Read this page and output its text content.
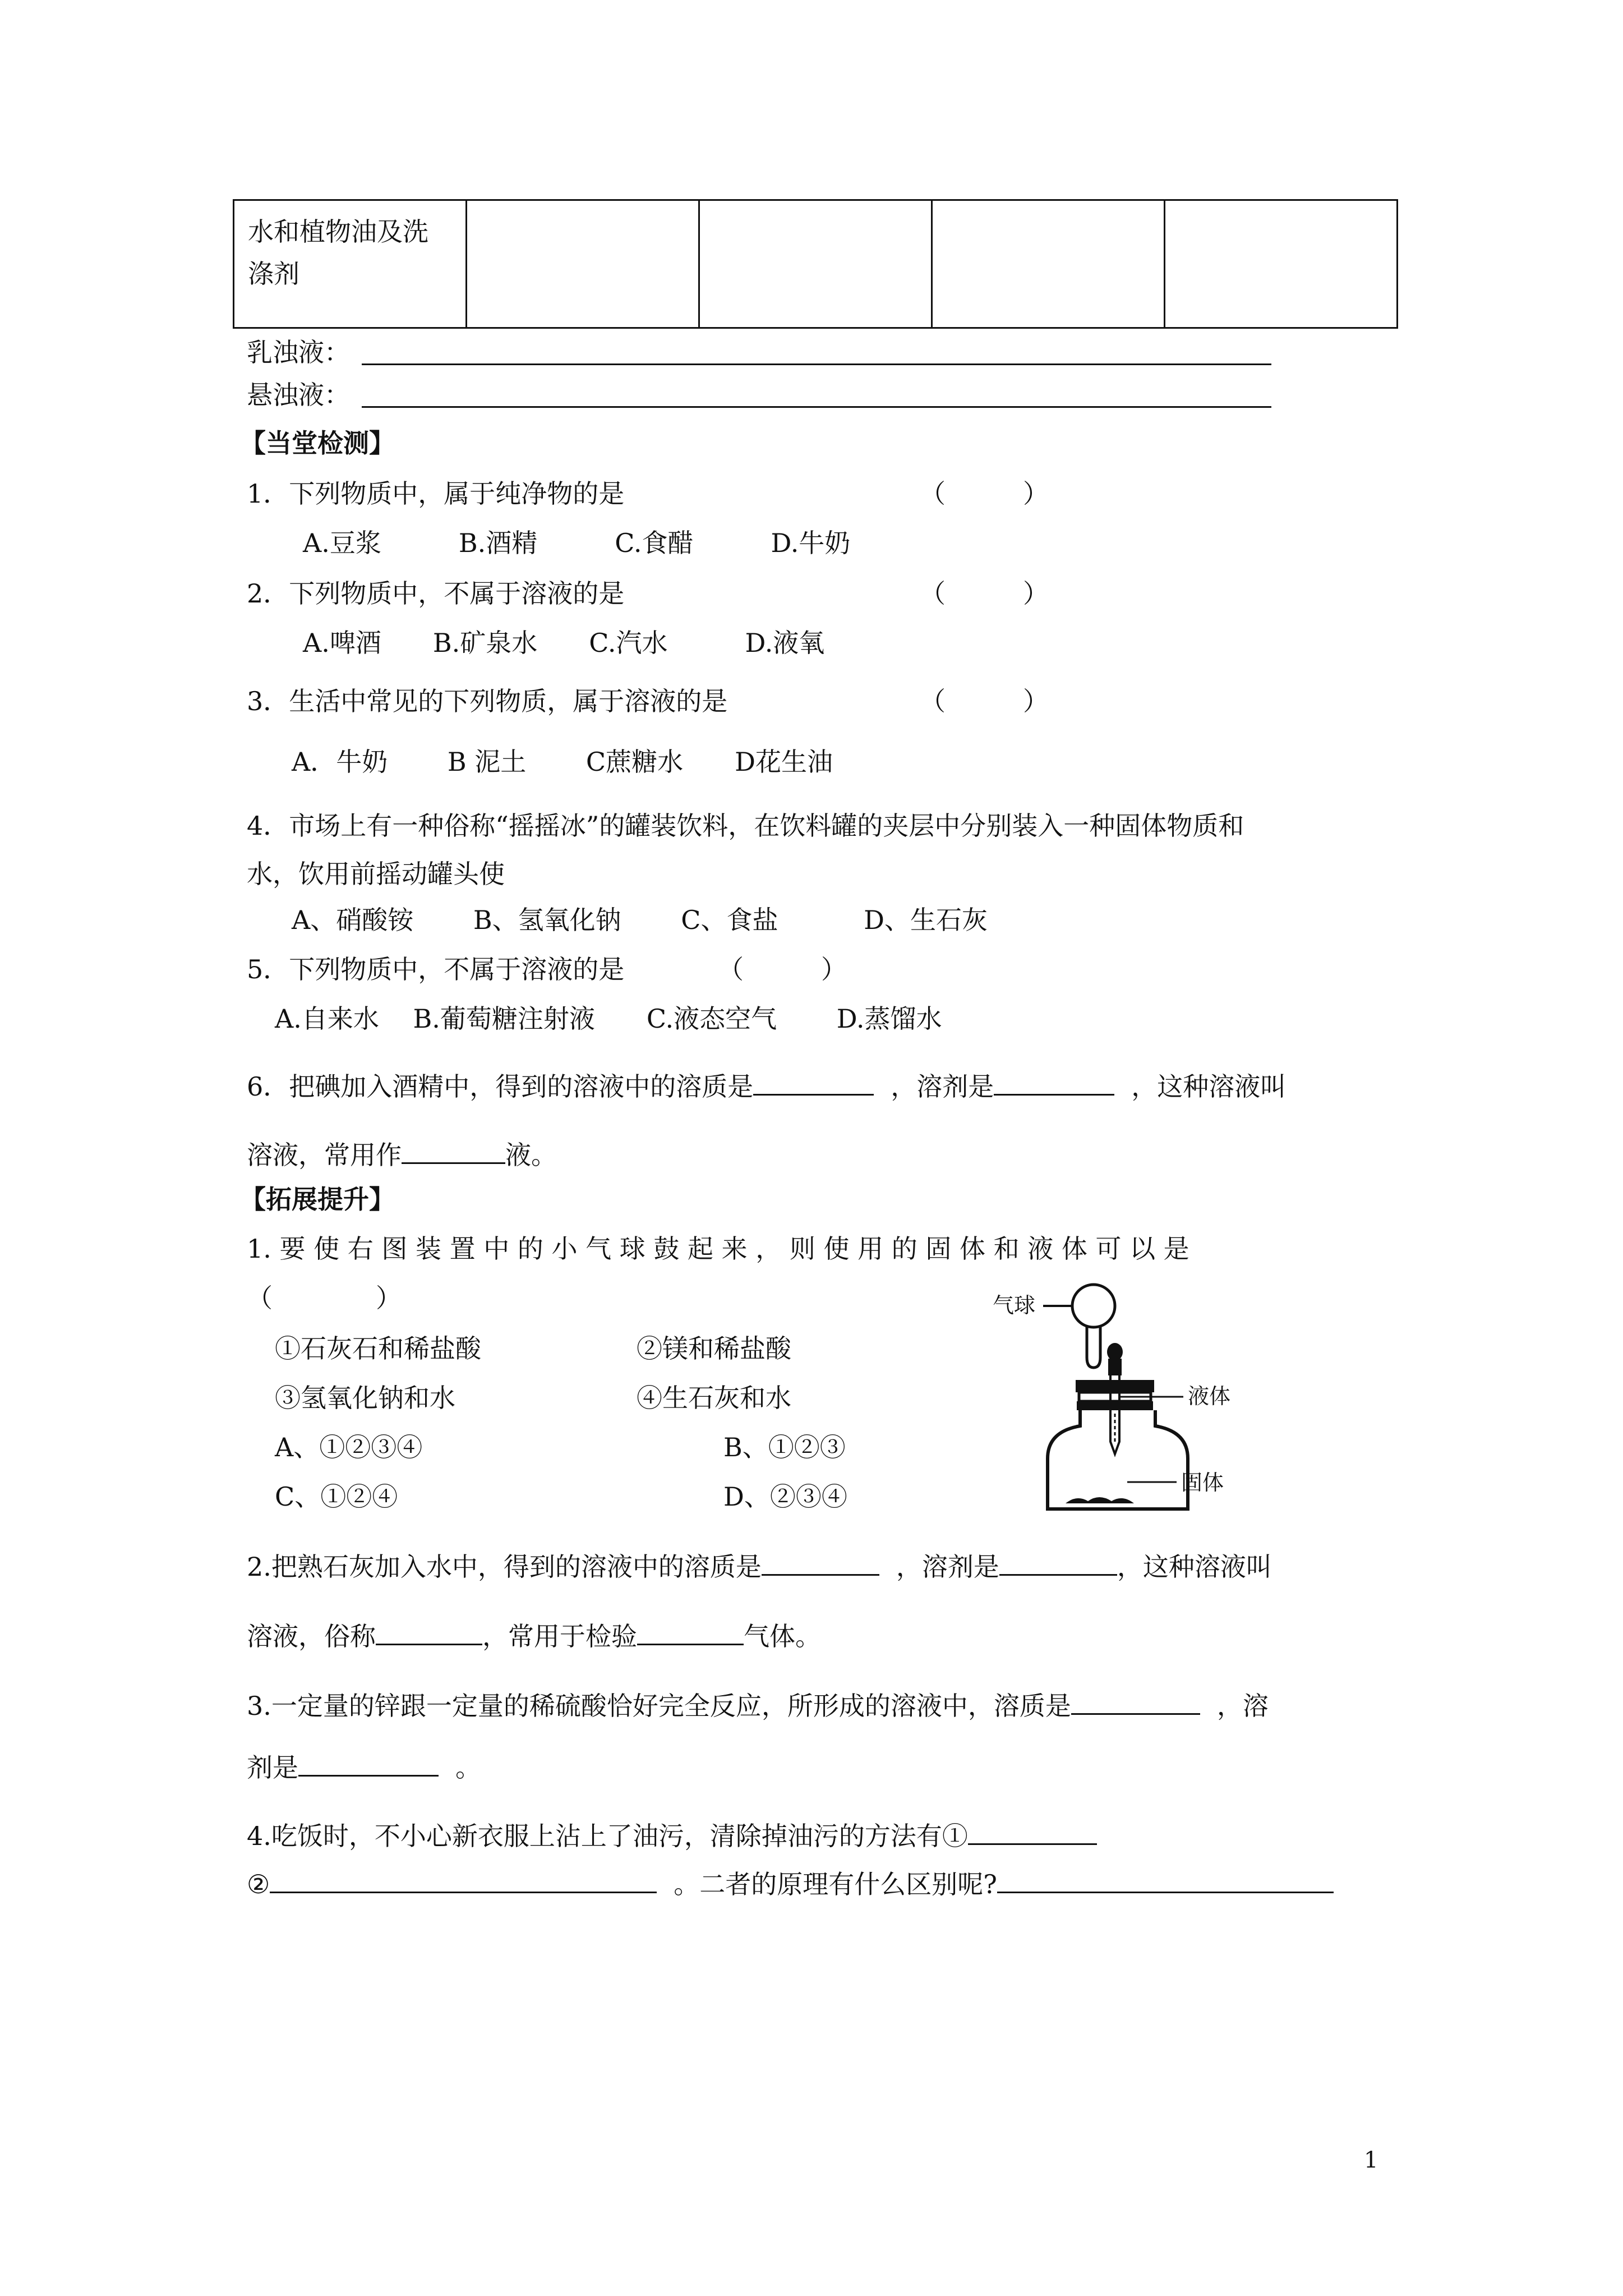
水和植物油及洗
涤剂

乳浊液：
悬浊液：
【当堂检测】
1．下列物质中，属于纯净物的是	（　　　）
A.豆浆　　　B.酒精　　　C.食醋　　　D.牛奶
2．下列物质中，不属于溶液的是	（　　　）
A.啤酒　　B.矿泉水　　C.汽水　　　D.液氧
3．生活中常见的下列物质，属于溶液的是	（　　　）
A．牛奶　　 B 泥土　　 C蔗糖水　　D花生油
4．市场上有一种俗称“摇摇冰”的罐装饮料，在饮料罐的夹层中分别装入一种固体物质和
水，饮用前摇动罐头使
A、硝酸铵　　 B、氢氧化钠　　 C、食盐　　　 D、生石灰
5．下列物质中，不属于溶液的是	（　　　）
A.自来水　 B.葡萄糖注射液　　C.液态空气　　 D.蒸馏水
6．把碘加入酒精中，得到的溶液中的溶质是	，溶剂是	，这种溶液叫
溶液，常用作	液。
【拓展提升】
1. 要 使 右 图 装 置 中 的 小 气 球 鼓 起 来 ， 则 使 用 的 固 体 和 液 体 可 以 是
（　　　　）
①石灰石和稀盐酸	②镁和稀盐酸
③氢氧化钠和水	④生石灰和水
A、①②③④	B、①②③
C、①②④	D、②③④
气球
液体
固体
2.把熟石灰加入水中，得到的溶液中的溶质是	，溶剂是	，这种溶液叫
溶液，俗称	，常用于检验	气体。
3.一定量的锌跟一定量的稀硫酸恰好完全反应，所形成的溶液中，溶质是	，溶
剂是	。
4.吃饭时，不小心新衣服上沾上了油污，清除掉油污的方法有①
②	。二者的原理有什么区别呢?
1
